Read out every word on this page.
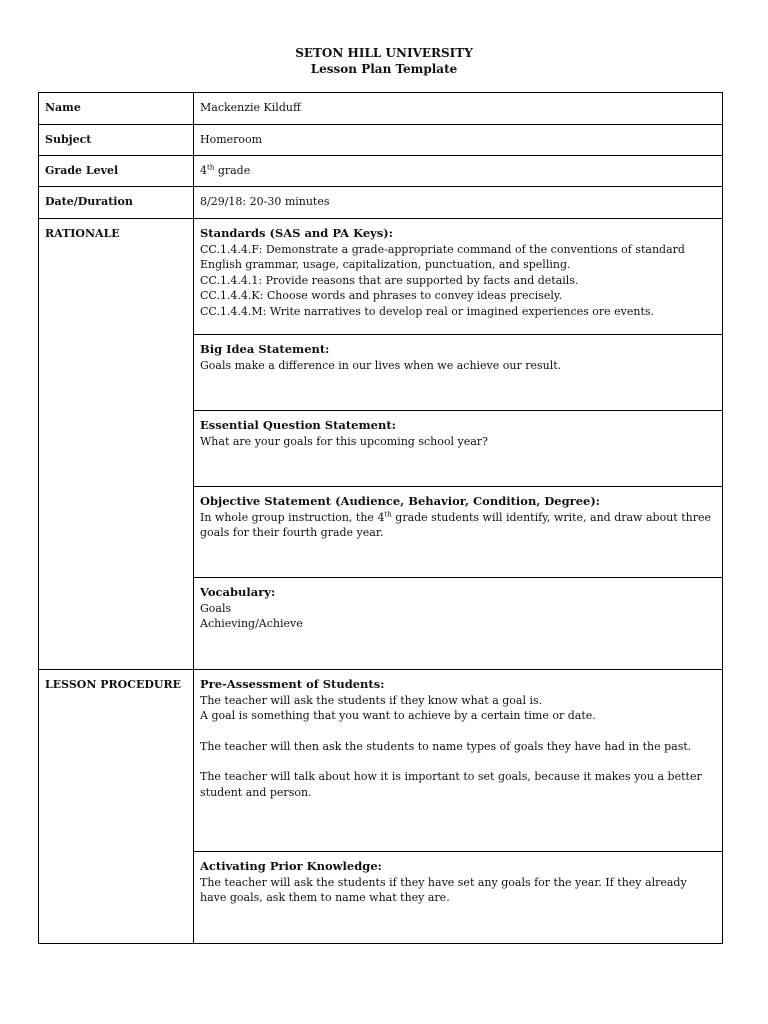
SETON HILL UNIVERSITY
Lesson Plan Template
Name	Mackenzie Kilduff
Subject	Homeroom
Grade Level	4th grade
Date/Duration	8/29/18: 20-30 minutes
RATIONALE	Standards (SAS and PA Keys):
CC.1.4.4.F: Demonstrate a grade-appropriate command of the conventions of standard English grammar, usage, capitalization, punctuation, and spelling.
CC.1.4.4.1: Provide reasons that are supported by facts and details.
CC.1.4.4.K: Choose words and phrases to convey ideas precisely.
CC.1.4.4.M: Write narratives to develop real or imagined experiences ore events.

	Big Idea Statement:
Goals make a difference in our lives when we achieve our result.

	Essential Question Statement:
What are your goals for this upcoming school year?

	Objective Statement (Audience, Behavior, Condition, Degree):
In whole group instruction, the 4th grade students will identify, write, and draw about three goals for their fourth grade year.

	Vocabulary:
Goals
Achieving/Achieve

LESSON PROCEDURE	Pre-Assessment of Students:
The teacher will ask the students if they know what a goal is.
A goal is something that you want to achieve by a certain time or date.
The teacher will then ask the students to name types of goals they have had in the past.
The teacher will talk about how it is important to set goals, because it makes you a better student and person.

	Activating Prior Knowledge:
The teacher will ask the students if they have set any goals for the year. If they already have goals, ask them to name what they are.
